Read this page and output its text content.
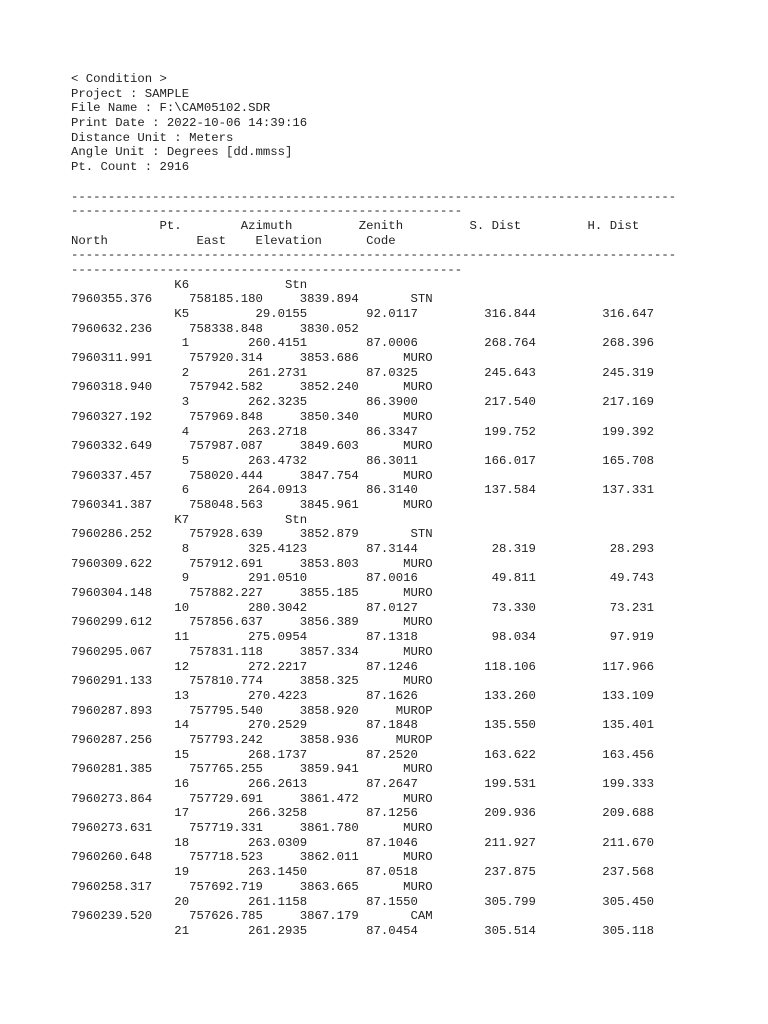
< Condition >
Project : SAMPLE
File Name : F:\CAM05102.SDR
Print Date : 2022-10-06 14:39:16
Distance Unit : Meters
Angle Unit : Degrees [dd.mmss]
Pt. Count : 2916

----------------------------------------------------------------------------------
-----------------------------------------------------
Pt.        Azimuth         Zenith         S. Dist         H. Dist
North            East    Elevation      Code
----------------------------------------------------------------------------------
-----------------------------------------------------
K6             Stn
7960355.376     758185.180     3839.894       STN
K5         29.0155        92.0117         316.844         316.647
7960632.236     758338.848     3830.052
1        260.4151        87.0006         268.764         268.396
7960311.991     757920.314     3853.686      MURO
2        261.2731        87.0325         245.643         245.319
7960318.940     757942.582     3852.240      MURO
3        262.3235        86.3900         217.540         217.169
7960327.192     757969.848     3850.340      MURO
4        263.2718        86.3347         199.752         199.392
7960332.649     757987.087     3849.603      MURO
5        263.4732        86.3011         166.017         165.708
7960337.457     758020.444     3847.754      MURO
6        264.0913        86.3140         137.584         137.331
7960341.387     758048.563     3845.961      MURO
K7             Stn
7960286.252     757928.639     3852.879       STN
8        325.4123        87.3144          28.319          28.293
7960309.622     757912.691     3853.803      MURO
9        291.0510        87.0016          49.811          49.743
7960304.148     757882.227     3855.185      MURO
10        280.3042        87.0127          73.330          73.231
7960299.612     757856.637     3856.389      MURO
11        275.0954        87.1318          98.034          97.919
7960295.067     757831.118     3857.334      MURO
12        272.2217        87.1246         118.106         117.966
7960291.133     757810.774     3858.325      MURO
13        270.4223        87.1626         133.260         133.109
7960287.893     757795.540     3858.920     MUROP
14        270.2529        87.1848         135.550         135.401
7960287.256     757793.242     3858.936     MUROP
15        268.1737        87.2520         163.622         163.456
7960281.385     757765.255     3859.941      MURO
16        266.2613        87.2647         199.531         199.333
7960273.864     757729.691     3861.472      MURO
17        266.3258        87.1256         209.936         209.688
7960273.631     757719.331     3861.780      MURO
18        263.0309        87.1046         211.927         211.670
7960260.648     757718.523     3862.011      MURO
19        263.1450        87.0518         237.875         237.568
7960258.317     757692.719     3863.665      MURO
20        261.1158        87.1550         305.799         305.450
7960239.520     757626.785     3867.179       CAM
21        261.2935        87.0454         305.514         305.118
